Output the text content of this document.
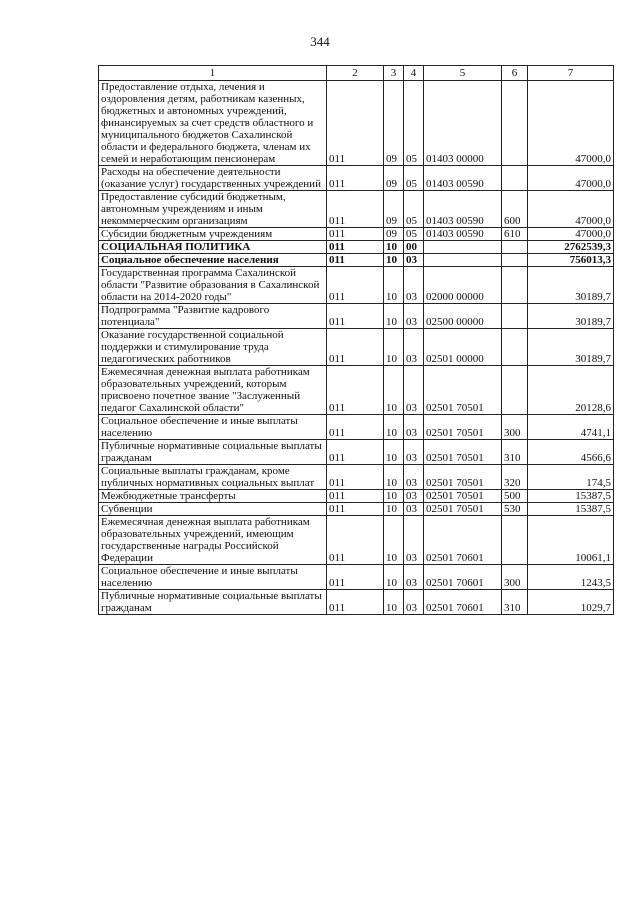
344
1	2	3	4	5	6	7
Предоставление отдыха, лечения и оздоровления детям, работникам казенных, бюджетных и автономных учреждений, финансируемых за счет средств областного и муниципального бюджетов Сахалинской области и федерального бюджета, членам их семей и неработающим пенсионерам	011	09	05	01403 00000		47000,0
Расходы на обеспечение деятельности (оказание услуг) государственных учреждений	011	09	05	01403 00590		47000,0
Предоставление субсидий бюджетным, автономным учреждениям и иным некоммерческим организациям	011	09	05	01403 00590	600	47000,0
Субсидии бюджетным учреждениям	011	09	05	01403 00590	610	47000,0
СОЦИАЛЬНАЯ ПОЛИТИКА	011	10	00			2762539,3
Социальное обеспечение населения	011	10	03			756013,3
Государственная программа Сахалинской области "Развитие образования в Сахалинской области на 2014-2020 годы"	011	10	03	02000 00000		30189,7
Подпрограмма "Развитие кадрового потенциала"	011	10	03	02500 00000		30189,7
Оказание государственной социальной поддержки и стимулирование труда педагогических работников	011	10	03	02501 00000		30189,7
Ежемесячная денежная выплата работникам образовательных учреждений, которым присвоено почетное звание "Заслуженный педагог Сахалинской области"	011	10	03	02501 70501		20128,6
Социальное обеспечение и иные выплаты населению	011	10	03	02501 70501	300	4741,1
Публичные нормативные социальные выплаты гражданам	011	10	03	02501 70501	310	4566,6
Социальные выплаты гражданам, кроме публичных нормативных социальных выплат	011	10	03	02501 70501	320	174,5
Межбюджетные трансферты	011	10	03	02501 70501	500	15387,5
Субвенции	011	10	03	02501 70501	530	15387,5
Ежемесячная денежная выплата работникам образовательных учреждений, имеющим государственные награды Российской Федерации	011	10	03	02501 70601		10061,1
Социальное обеспечение и иные выплаты населению	011	10	03	02501 70601	300	1243,5
Публичные нормативные социальные выплаты гражданам	011	10	03	02501 70601	310	1029,7
